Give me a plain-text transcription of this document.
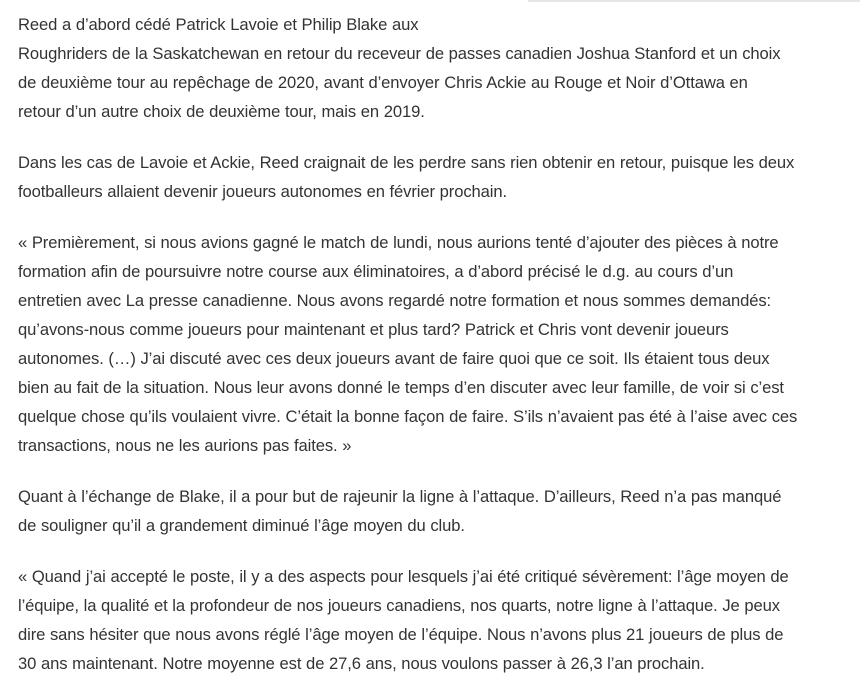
Reed a d’abord cédé Patrick Lavoie et Philip Blake aux
Roughriders de la Saskatchewan en retour du receveur de passes canadien Joshua Stanford et un choix
de deuxième tour au repêchage de 2020, avant d’envoyer Chris Ackie au Rouge et Noir d’Ottawa en
retour d’un autre choix de deuxième tour, mais en 2019.

Dans les cas de Lavoie et Ackie, Reed craignait de les perdre sans rien obtenir en retour, puisque les deux
footballeurs allaient devenir joueurs autonomes en février prochain.

« Premièrement, si nous avions gagné le match de lundi, nous aurions tenté d’ajouter des pièces à notre
formation afin de poursuivre notre course aux éliminatoires, a d’abord précisé le d.g. au cours d’un
entretien avec La presse canadienne. Nous avons regardé notre formation et nous sommes demandés:
qu’avons-nous comme joueurs pour maintenant et plus tard? Patrick et Chris vont devenir joueurs
autonomes. (…) J’ai discuté avec ces deux joueurs avant de faire quoi que ce soit. Ils étaient tous deux
bien au fait de la situation. Nous leur avons donné le temps d’en discuter avec leur famille, de voir si c’est
quelque chose qu’ils voulaient vivre. C’était la bonne façon de faire. S’ils n’avaient pas été à l’aise avec ces
transactions, nous ne les aurions pas faites. »

Quant à l’échange de Blake, il a pour but de rajeunir la ligne à l’attaque. D’ailleurs, Reed n’a pas manqué
de souligner qu’il a grandement diminué l’âge moyen du club.

« Quand j’ai accepté le poste, il y a des aspects pour lesquels j’ai été critiqué sévèrement: l’âge moyen de
l’équipe, la qualité et la profondeur de nos joueurs canadiens, nos quarts, notre ligne à l’attaque. Je peux
dire sans hésiter que nous avons réglé l’âge moyen de l’équipe. Nous n’avons plus 21 joueurs de plus de
30 ans maintenant. Notre moyenne est de 27,6 ans, nous voulons passer à 26,3 l’an prochain.
